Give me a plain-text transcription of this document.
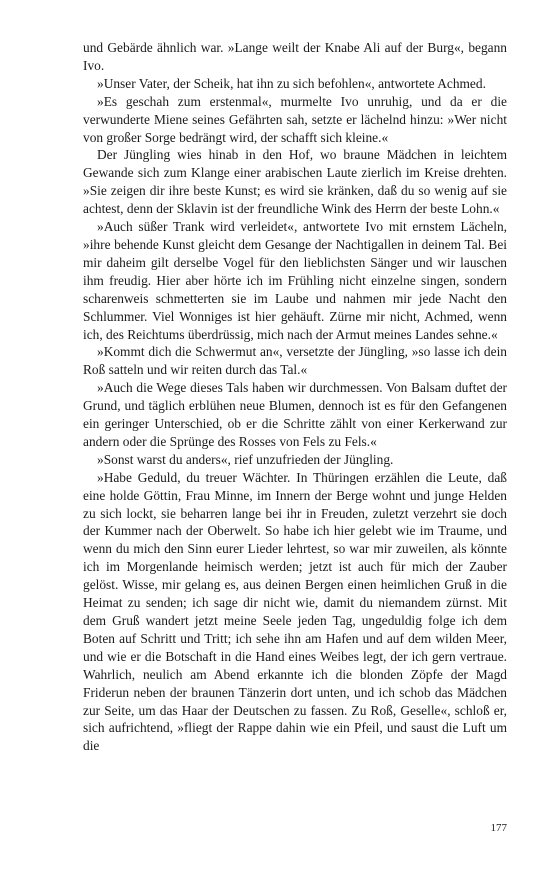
und Gebärde ähnlich war. »Lange weilt der Knabe Ali auf der Burg«, begann Ivo.

»Unser Vater, der Scheik, hat ihn zu sich befohlen«, antwortete Achmed.

»Es geschah zum erstenmal«, murmelte Ivo unruhig, und da er die verwunderte Miene seines Gefährten sah, setzte er lächelnd hinzu: »Wer nicht von großer Sorge bedrängt wird, der schafft sich kleine.«

Der Jüngling wies hinab in den Hof, wo braune Mädchen in leichtem Gewande sich zum Klange einer arabischen Laute zierlich im Kreise drehten. »Sie zeigen dir ihre beste Kunst; es wird sie kränken, daß du so wenig auf sie achtest, denn der Sklavin ist der freundliche Wink des Herrn der beste Lohn.«

»Auch süßer Trank wird verleidet«, antwortete Ivo mit ernstem Lächeln, »ihre behende Kunst gleicht dem Gesange der Nachtigallen in deinem Tal. Bei mir daheim gilt derselbe Vogel für den lieblichsten Sänger und wir lauschen ihm freudig. Hier aber hörte ich im Frühling nicht einzelne singen, sondern scharenweis schmetterten sie im Laube und nahmen mir jede Nacht den Schlummer. Viel Wonniges ist hier gehäuft. Zürne mir nicht, Achmed, wenn ich, des Reichtums überdrüssig, mich nach der Armut meines Landes sehne.«

»Kommt dich die Schwermut an«, versetzte der Jüngling, »so lasse ich dein Roß satteln und wir reiten durch das Tal.«

»Auch die Wege dieses Tals haben wir durchmessen. Von Balsam duftet der Grund, und täglich erblühen neue Blumen, dennoch ist es für den Gefangenen ein geringer Unterschied, ob er die Schritte zählt von einer Kerkerwand zur andern oder die Sprünge des Rosses von Fels zu Fels.«

»Sonst warst du anders«, rief unzufrieden der Jüngling.

»Habe Geduld, du treuer Wächter. In Thüringen erzählen die Leute, daß eine holde Göttin, Frau Minne, im Innern der Berge wohnt und junge Helden zu sich lockt, sie beharren lange bei ihr in Freuden, zuletzt verzehrt sie doch der Kummer nach der Oberwelt. So habe ich hier gelebt wie im Traume, und wenn du mich den Sinn eurer Lieder lehrtest, so war mir zuweilen, als könnte ich im Morgenlande heimisch werden; jetzt ist auch für mich der Zauber gelöst. Wisse, mir gelang es, aus deinen Bergen einen heimlichen Gruß in die Heimat zu senden; ich sage dir nicht wie, damit du niemandem zürnst. Mit dem Gruß wandert jetzt meine Seele jeden Tag, ungeduldig folge ich dem Boten auf Schritt und Tritt; ich sehe ihn am Hafen und auf dem wilden Meer, und wie er die Botschaft in die Hand eines Weibes legt, der ich gern vertraue. Wahrlich, neulich am Abend erkannte ich die blonden Zöpfe der Magd Friderun neben der braunen Tänzerin dort unten, und ich schob das Mädchen zur Seite, um das Haar der Deutschen zu fassen. Zu Roß, Geselle«, schloß er, sich aufrichtend, »fliegt der Rappe dahin wie ein Pfeil, und saust die Luft um die

177
